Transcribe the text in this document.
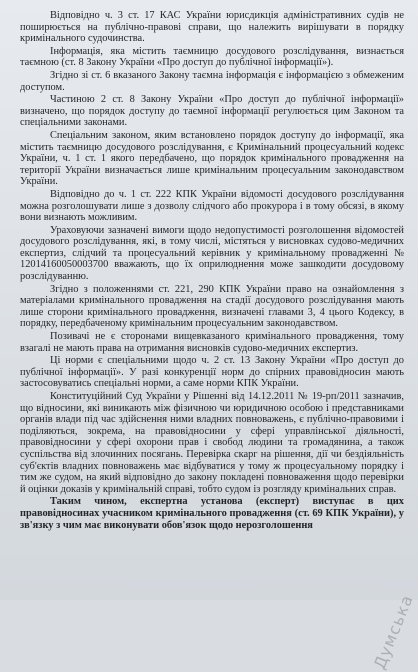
Відповідно ч. 3 ст. 17 КАС України юрисдикція адміністративних судів не поширюється на публічно-правові справи, що належить вирішувати в порядку кримінального судочинства.

Інформація, яка містить таємницю досудового розслідування, визнається таємною (ст. 8 Закону України «Про доступ до публічної інформації»).

Згідно зі ст. 6 вказаного Закону таємна інформація є інформацією з обмеженим доступом.

Частиною 2 ст. 8 Закону України «Про доступ до публічної інформації» визначено, що порядок доступу до таємної інформації регулюється цим Законом та спеціальними законами.

Спеціальним законом, яким встановлено порядок доступу до інформації, яка містить таємницю досудового розслідування, є Кримінальний процесуальний кодекс України, ч. 1 ст. 1 якого передбачено, що порядок кримінального провадження на території України визначається лише кримінальним процесуальним законодавством України.

Відповідно до ч. 1 ст. 222 КПК України відомості досудового розслідування можна розголошувати лише з дозволу слідчого або прокурора і в тому обсязі, в якому вони визнають можливим.

Ураховуючи зазначені вимоги щодо недопустимості розголошення відомостей досудового розслідування, які, в тому числі, містяться у висновках судово-медичних експертиз, слідчий та процесуальний керівник у кримінальному провадженні № 12014160050003700 вважають, що їх оприлюднення може зашкодити досудовому розслідуванню.

Згідно з положеннями ст. 221, 290 КПК України право на ознайомлення з матеріалами кримінального провадження на стадії досудового розслідування мають лише сторони кримінального провадження, визначені главами 3, 4 цього Кодексу, в порядку, передбаченому кримінальним процесуальним законодавством.

Позивачі не є сторонами вищевказаного кримінального провадження, тому взагалі не мають права на отримання висновків судово-медичних експертиз.

Ці норми є спеціальними щодо ч. 2 ст. 13 Закону України «Про доступ до публічної інформації». У разі конкуренції норм до спірних правовідносин мають застосовуватись спеціальні норми, а саме норми КПК України.

Конституційний Суд України у Рішенні від 14.12.2011 № 19-рп/2011 зазначив, що відносини, які виникають між фізичною чи юридичною особою і представниками органів влади під час здійснення ними владних повноважень, є публічно-правовими і поділяються, зокрема, на правовідносини у сфері управлінської діяльності, правовідносини у сфері охорони прав і свобод людини та громадянина, а також суспільства від злочинних посягань. Перевірка скарг на рішення, дії чи бездіяльність суб'єктів владних повноважень має відбуватися у тому ж процесуальному порядку і тим же судом, на який відповідно до закону покладені повноваження щодо перевірки й оцінки доказів у кримінальній справі, тобто судом із розгляду кримінальних справ.

Таким чином, експертна установа (експерт) виступає в цих правовідносинах учасником кримінального провадження (ст. 69 КПК України), у зв'язку з чим має виконувати обов'язок щодо нерозголошення

Думська
